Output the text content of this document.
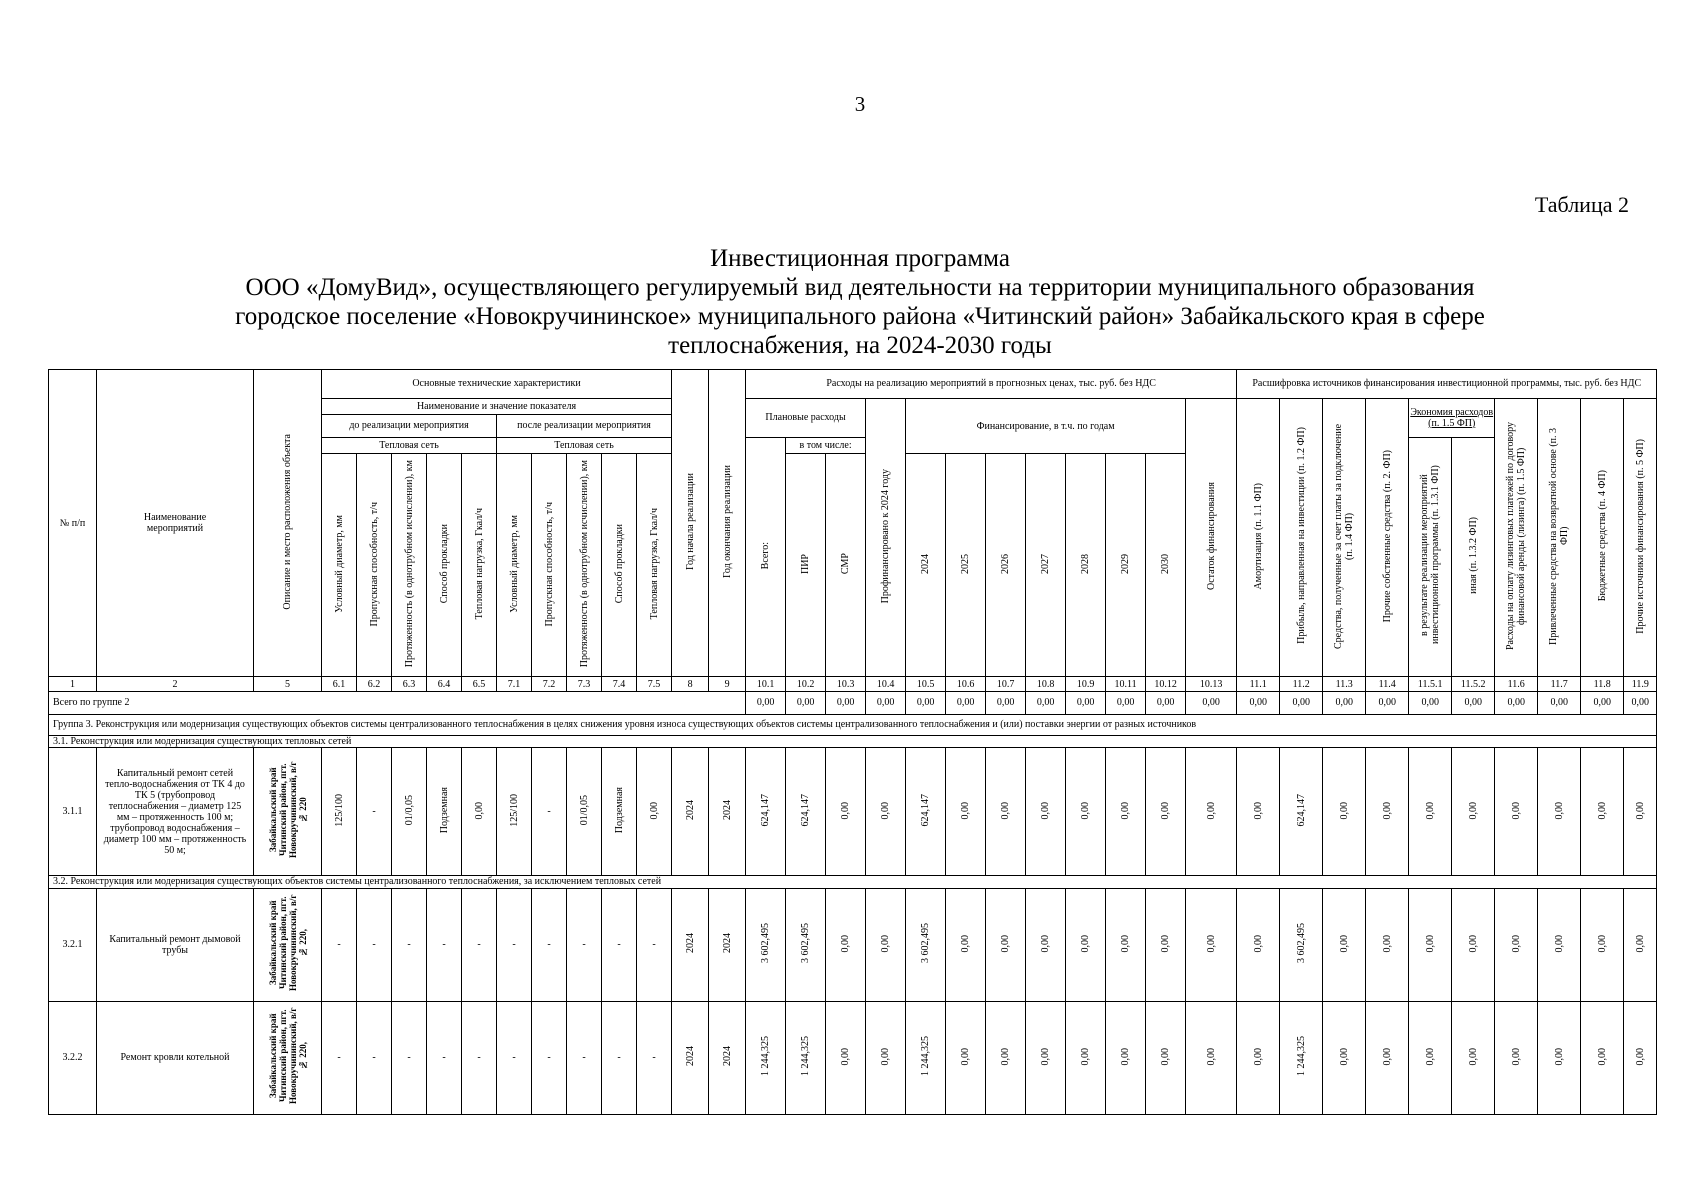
3
Таблица 2
Инвестиционная программа
ООО «ДомуВид», осуществляющего регулируемый вид деятельности на территории муниципального образования
городское поселение «Новокручининское» муниципального района «Читинский район» Забайкальского края в сфере
теплоснабжения, на 2024-2030 годы
№ п/п	Наименование мероприятий	Описание и место расположения объекта	Основные технические характеристики										Год начала реализации	Год окончания реализации	Расходы на реализацию мероприятий в прогнозных ценах, тыс. руб. без НДС												Расшифровка источников финансирования инвестиционной программы, тыс. руб. без НДС									
			Наименование и значение показателя												Плановые расходы			Профинансировано к 2024 году	Финансирование, в т.ч. по годам							Остаток финансирования	Амортизация (п. 1.1 ФП)	Прибыль, направленная на инвестиции (п. 1.2 ФП)	Средства, полученные за счет платы за подключение (п. 1.4 ФП)	Прочие собственные средства (п. 2. ФП)	Экономия расходов (п. 1.5 ФП)		Расходы на оплату лизинговых платежей по договору финансовой аренды (лизинга) (п. 1.5 ФП)	Привлеченные средства на возвратной основе (п. 3 ФП)	Бюджетные средства (п. 4 ФП)	Прочие источники финансирования (п. 5 ФП)
			до реализации мероприятия					после реализации мероприятия																												
			Тепловая сеть					Тепловая сеть							Всего:	в том числе:															в результате реализации мероприятий инвестиционной программы (п. 1.3.1 ФП)	иная (п. 1.3.2 ФП)				
			Условный диаметр, мм	Пропускная способность, т/ч	Протяженность (в однотрубном исчислении), км	Способ прокладки	Тепловая нагрузка, Гкал/ч	Условный диаметр, мм	Пропускная способность, т/ч	Протяженность (в однотрубном исчислении), км	Способ прокладки	Тепловая нагрузка, Гкал/ч				ПИР	СМР		2024	2025	2026	2027	2028	2029	2030											
1	2	5	6.1	6.2	6.3	6.4	6.5	7.1	7.2	7.3	7.4	7.5	8	9	10.1	10.2	10.3	10.4	10.5	10.6	10.7	10.8	10.9	10.11	10.12	10.13	11.1	11.2	11.3	11.4	11.5.1	11.5.2	11.6	11.7	11.8	11.9
Всего по группе 2															0,00	0,00	0,00	0,00	0,00	0,00	0,00	0,00	0,00	0,00	0,00	0,00	0,00	0,00	0,00	0,00	0,00	0,00	0,00	0,00	0,00	0,00
Группа 3. Реконструкция или модернизация существующих объектов системы централизованного теплоснабжения в целях снижения уровня износа существующих объектов системы централизованного теплоснабжения и (или) поставки энергии от разных источников																																				
3.1. Реконструкция или модернизация существующих тепловых сетей																																				
3.1.1	Капитальный ремонт сетей тепло-водоснабжения от ТК 4 до ТК 5 (трубопровод теплоснабжения – диаметр 125 мм – протяженность 100 м; трубопровод водоснабжения – диаметр 100 мм – протяженность 50 м;	Забайкальский край Читинский район, пгт. Новокручининский, в/г № 220	125/100	-	01/0,05	Подземная	0,00	125/100	-	01/0,05	Подземная	0,00	2024	2024	624,147	624,147	0,00	0,00	624,147	0,00	0,00	0,00	0,00	0,00	0,00	0,00	0,00	624,147	0,00	0,00	0,00	0,00	0,00	0,00	0,00	0,00
3.2. Реконструкция или модернизация существующих объектов системы централизованного теплоснабжения, за исключением тепловых сетей																																				
3.2.1	Капитальный ремонт дымовой трубы	Забайкальский край Читинский район, пгт. Новокручининский, в/г № 220,	-	-	-	-	-	-	-	-	-	-	2024	2024	3 602,495	3 602,495	0,00	0,00	3 602,495	0,00	0,00	0,00	0,00	0,00	0,00	0,00	0,00	3 602,495	0,00	0,00	0,00	0,00	0,00	0,00	0,00	0,00
3.2.2	Ремонт кровли котельной	Забайкальский край Читинский район, пгт. Новокручининский, в/г № 220,	-	-	-	-	-	-	-	-	-	-	2024	2024	1 244,325	1 244,325	0,00	0,00	1 244,325	0,00	0,00	0,00	0,00	0,00	0,00	0,00	0,00	1 244,325	0,00	0,00	0,00	0,00	0,00	0,00	0,00	0,00
